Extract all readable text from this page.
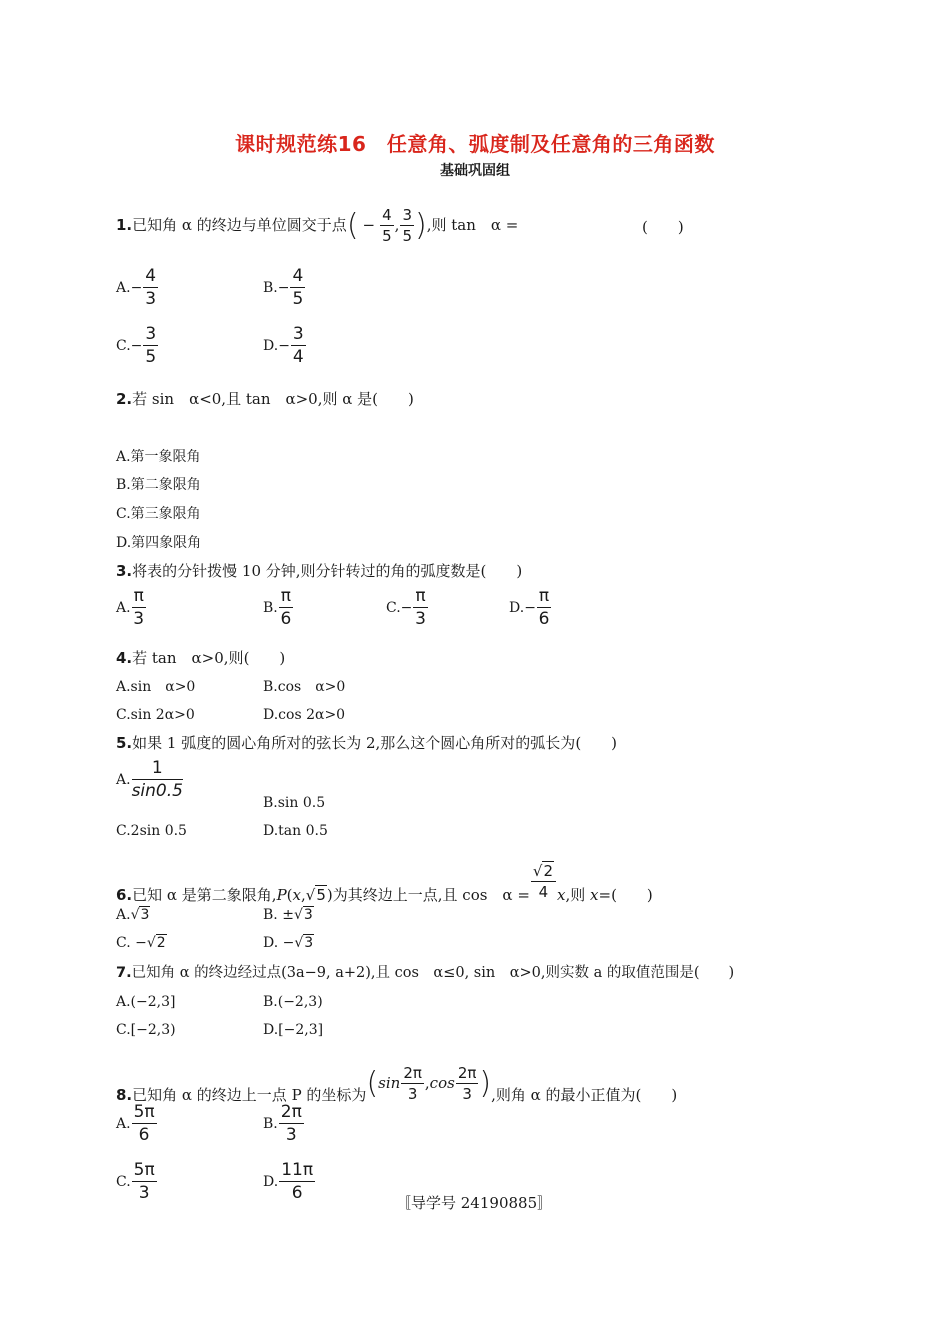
课时规范练16　任意角、弧度制及任意角的三角函数
基础巩固组
1.已知角 α 的终边与单位圆交于点( − $\frac{4}{5}$ , $\frac{3}{5}$ ),则 tan　α =	(　　)
$A.- \frac{4}{3}$	$B.- \frac{4}{5}$
$C.- \frac{3}{5}$	$D.- \frac{3}{4}$
2.若 sin　α<0,且 tan　α>0,则 α 是(　　)
A.第一象限角
B.第二象限角
C.第三象限角
D.第四象限角
3.将表的分针拨慢 10 分钟,则分针转过的角的弧度数是(　　)
A. $\frac{\pi}{3}$	B. $\frac{\pi}{6}$	$C.- \frac{\pi}{3}$	$D.- \frac{\pi}{6}$
4.若 tan　α>0,则(　　)
A.sin　α>0	B.cos　α>0
C.sin 2α>0	D.cos 2α>0
5.如果 1 弧度的圆心角所对的弦长为 2,那么这个圆心角所对的弧长为(　　)
A. $\frac{1}{\sin 0.5}$
B.sin 0.5
C.2sin 0.5	D.tan 0.5
6.已知 α 是第二象限角,P(x,√5)为其终边上一点,且 cos　$\alpha = \frac{√2}{4} x$,则 x=(　　)
A.√3	B. ±√3
C. −√2	D. −√3
7.已知角 α 的终边经过点(3a−9, a+2),且 cos　α≤0, sin　α>0,则实数 a 的取值范围是(　　)
A.(−2,3]	B.(−2,3)
C.[−2,3)	D.[−2,3]
8.已知角 α 的终边上一点 P 的坐标为($\sin \frac{2\pi}{3} ,\cos \frac{2\pi}{3}$ ),则角 α 的最小正值为(　　)
A. $\frac{5\pi}{6}$	B. $\frac{2\pi}{3}$
C. $\frac{5\pi}{3}$	D. $\frac{11\pi}{6}$
〚导学号 24190885〛
